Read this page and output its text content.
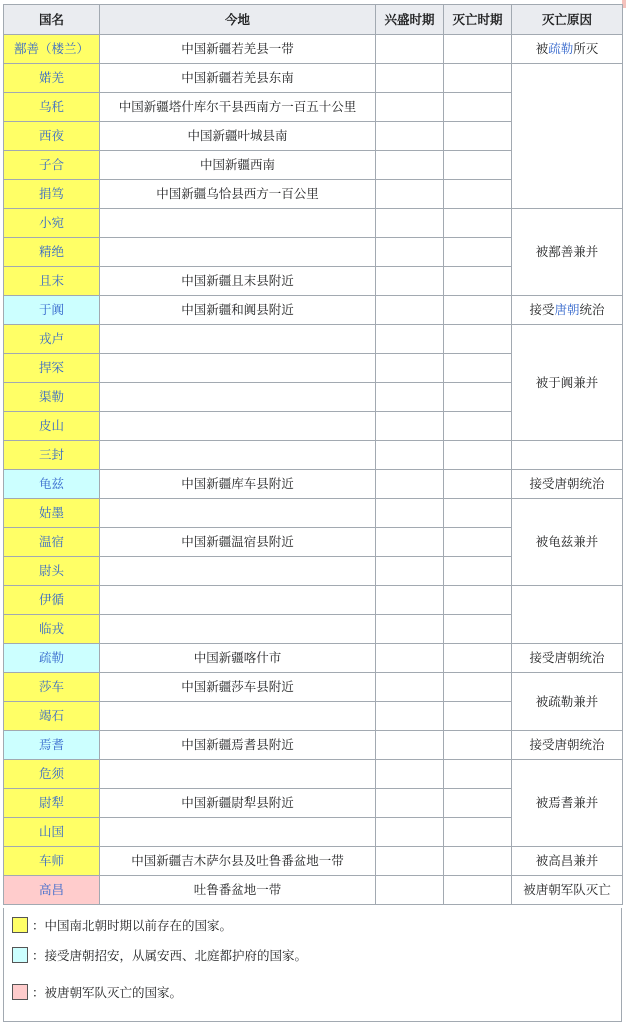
国名	今地	兴盛时期	灭亡时期	灭亡原因
鄯善（楼兰）	中国新疆若羌县一带			被疏勒所灭
婼羌	中国新疆若羌县东南			
乌秅	中国新疆塔什库尔干县西南方一百五十公里			
西夜	中国新疆叶城县南			
子合	中国新疆西南			
捐笃	中国新疆乌恰县西方一百公里			
小宛				被鄯善兼并
精绝				
且末	中国新疆且末县附近			
于阗	中国新疆和阗县附近			接受唐朝统治
戎卢				被于阗兼并
捍罙				
渠勒				
皮山				
三封				
龟兹	中国新疆库车县附近			接受唐朝统治
姑墨				被龟兹兼并
温宿	中国新疆温宿县附近			
尉头				
伊循				
临戎				
疏勒	中国新疆喀什市			接受唐朝统治
莎车	中国新疆莎车县附近			被疏勒兼并
竭石				
焉耆	中国新疆焉耆县附近			接受唐朝统治
危须				被焉耆兼并
尉犁	中国新疆尉犁县附近			
山国				
车师	中国新疆吉木萨尔县及吐鲁番盆地一带			被高昌兼并
高昌	吐鲁番盆地一带			被唐朝军队灭亡
：中国南北朝时期以前存在的国家。
：接受唐朝招安，从属安西、北庭都护府的国家。
：被唐朝军队灭亡的国家。
